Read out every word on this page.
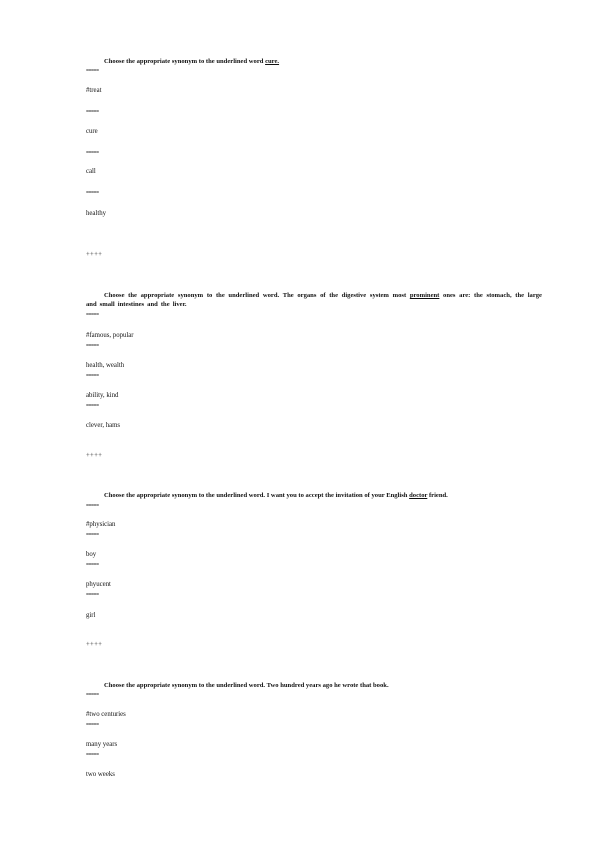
Choose the appropriate synonym to the underlined word cure.
=====
#treat
=====
cure
=====
call
=====
healthy
++++
Choose the appropriate synonym to the underlined word. The organs of the digestive system most prominent ones are: the stomach, the large and small intestines and the liver.
=====
#famous, popular
=====
health, wealth
=====
ability, kind
=====
clever, hams
++++
Choose the appropriate synonym to the underlined word. I want you to accept the invitation of your English doctor friend.
=====
#physician
=====
boy
=====
phyucent
=====
girl
++++
Choose the appropriate synonym to the underlined word. Two hundred years ago he wrote that book.
=====
#two centuries
=====
many years
=====
two weeks
